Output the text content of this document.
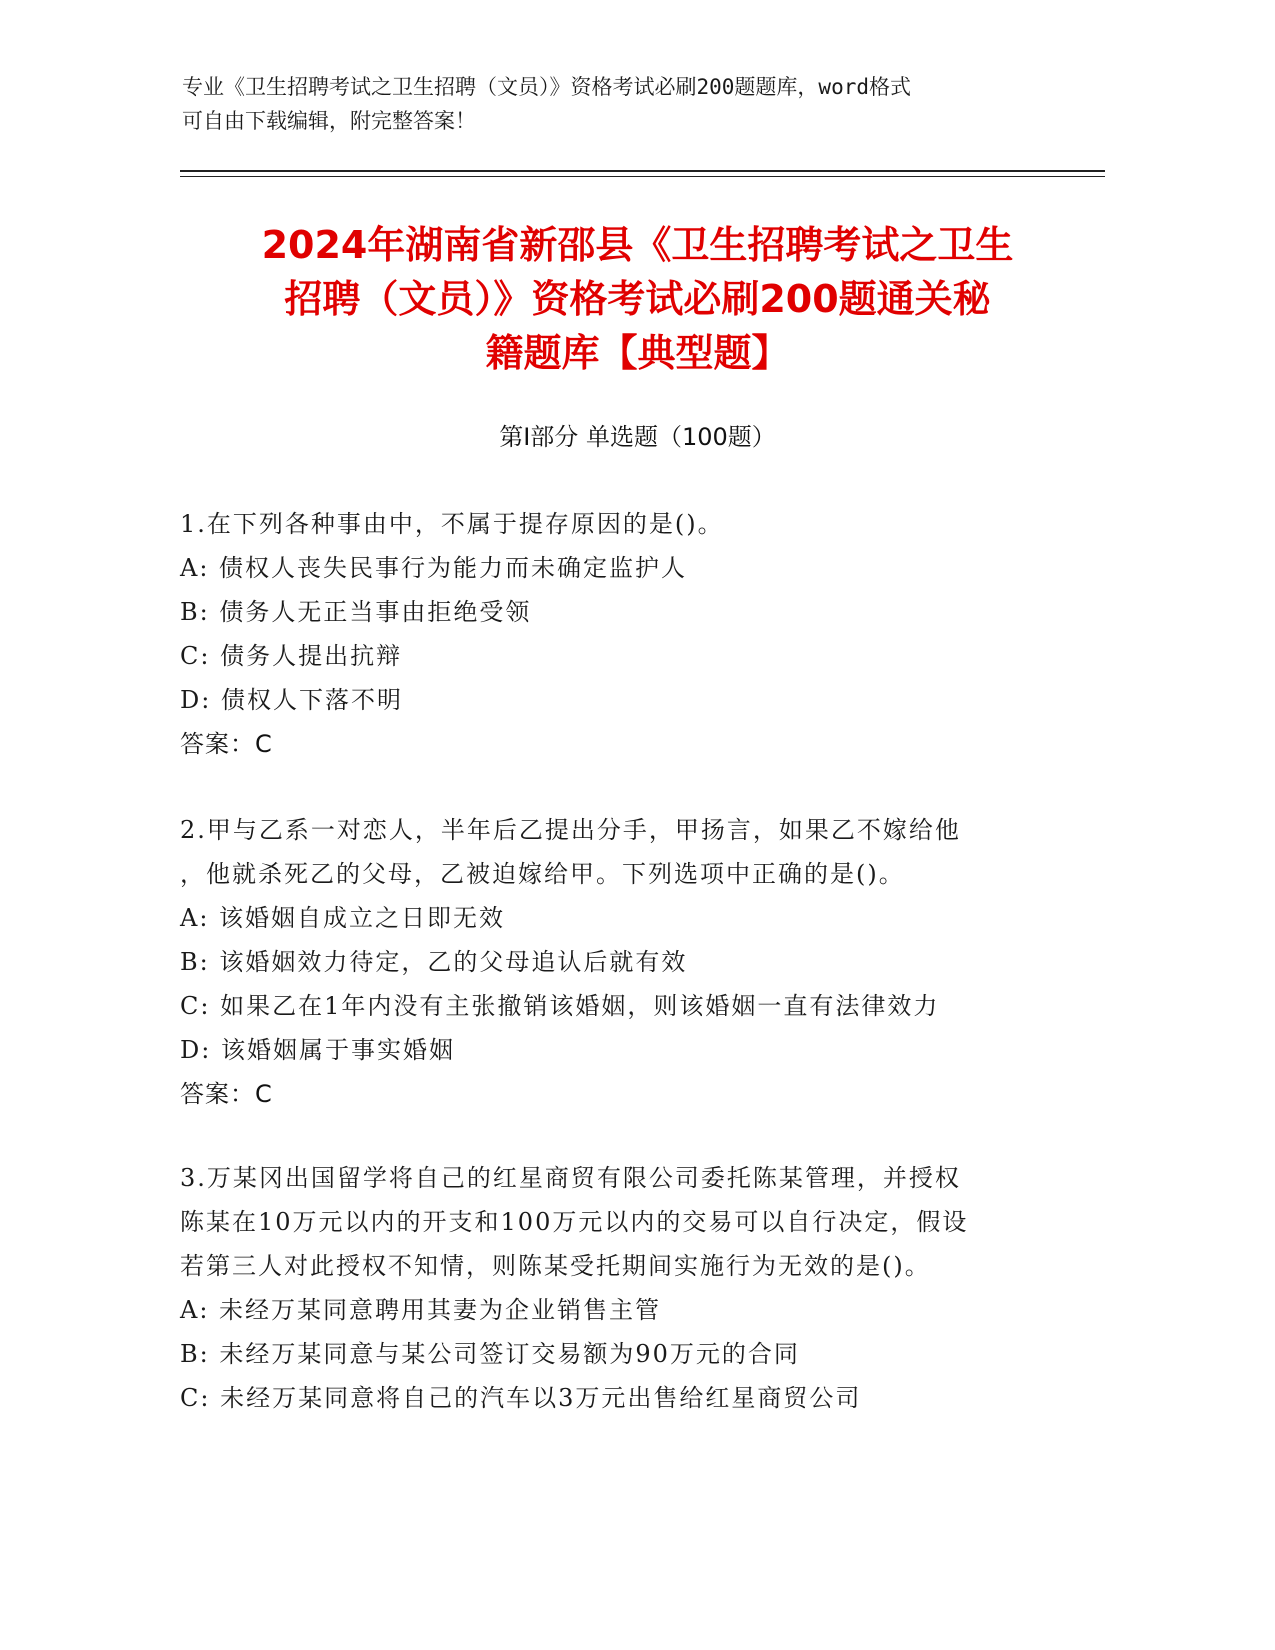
专业《卫生招聘考试之卫生招聘（文员）》资格考试必刷200题题库，word格式
可自由下载编辑，附完整答案！
2024年湖南省新邵县《卫生招聘考试之卫生
招聘（文员）》资格考试必刷200题通关秘
籍题库【典型题】
第I部分 单选题（100题）
1.在下列各种事由中，不属于提存原因的是()。
A: 债权人丧失民事行为能力而未确定监护人
B: 债务人无正当事由拒绝受领
C: 债务人提出抗辩
D: 债权人下落不明
答案：C
2.甲与乙系一对恋人，半年后乙提出分手，甲扬言，如果乙不嫁给他
，他就杀死乙的父母，乙被迫嫁给甲。下列选项中正确的是()。
A: 该婚姻自成立之日即无效
B: 该婚姻效力待定，乙的父母追认后就有效
C: 如果乙在1年内没有主张撤销该婚姻，则该婚姻一直有法律效力
D: 该婚姻属于事实婚姻
答案：C
3.万某冈出国留学将自己的红星商贸有限公司委托陈某管理，并授权
陈某在10万元以内的开支和100万元以内的交易可以自行决定，假设
若第三人对此授权不知情，则陈某受托期间实施行为无效的是()。
A: 未经万某同意聘用其妻为企业销售主管
B: 未经万某同意与某公司签订交易额为90万元的合同
C: 未经万某同意将自己的汽车以3万元出售给红星商贸公司
